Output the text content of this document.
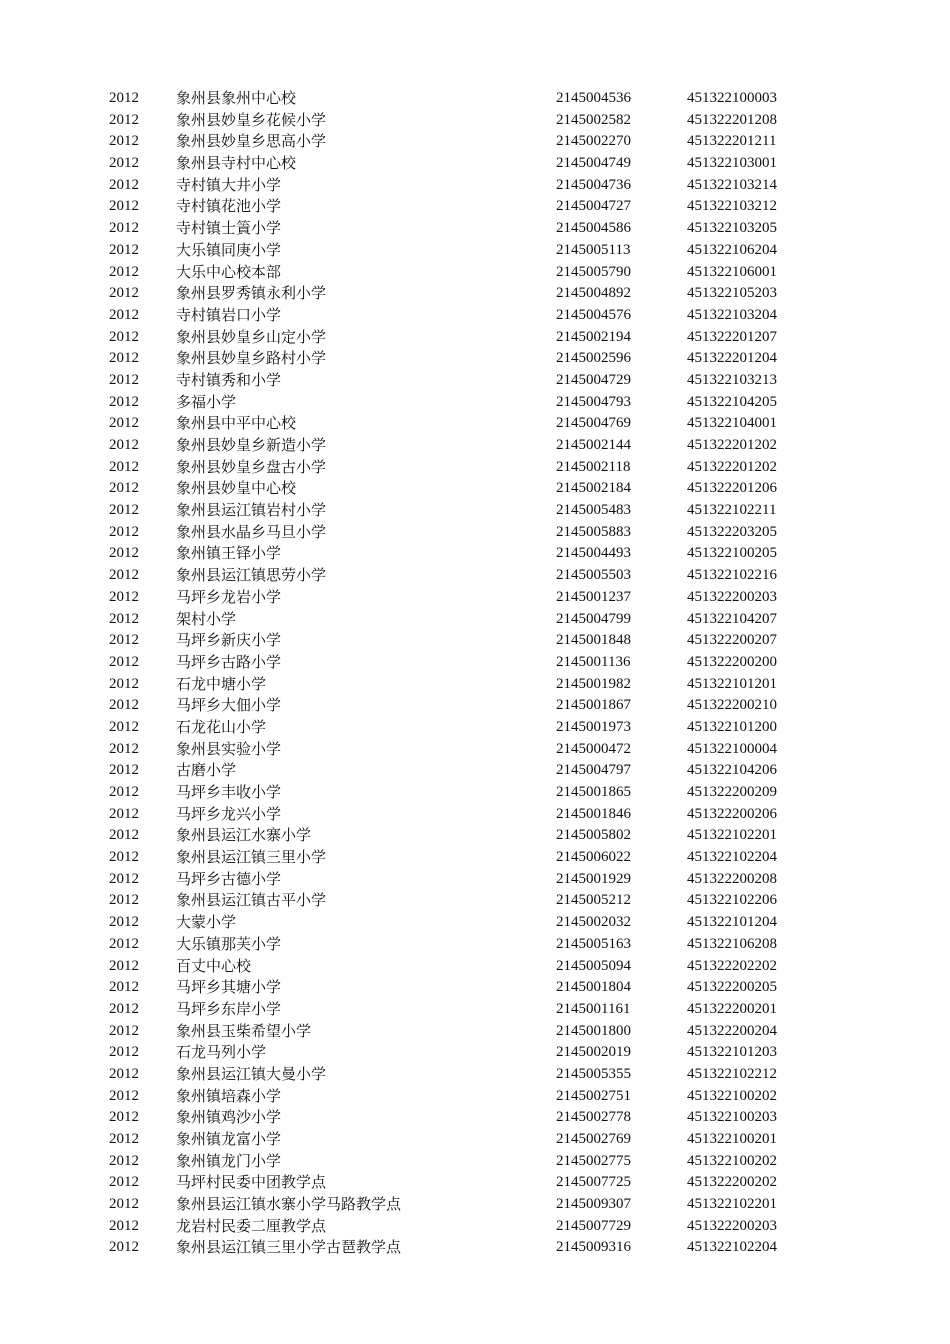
2012 象州县象州中心校	2145004536	451322100003
2012 象州县妙皇乡花候小学	2145002582	451322201208
2012 象州县妙皇乡思高小学	2145002270	451322201211
2012 象州县寺村中心校	2145004749	451322103001
2012 寺村镇大井小学	2145004736	451322103214
2012 寺村镇花池小学	2145004727	451322103212
2012 寺村镇士篢小学	2145004586	451322103205
2012 大乐镇同庚小学	2145005113	451322106204
2012 大乐中心校本部	2145005790	451322106001
2012 象州县罗秀镇永利小学	2145004892	451322105203
2012 寺村镇岩口小学	2145004576	451322103204
2012 象州县妙皇乡山定小学	2145002194	451322201207
2012 象州县妙皇乡路村小学	2145002596	451322201204
2012 寺村镇秀和小学	2145004729	451322103213
2012 多福小学	2145004793	451322104205
2012 象州县中平中心校	2145004769	451322104001
2012 象州县妙皇乡新造小学	2145002144	451322201202
2012 象州县妙皇乡盘古小学	2145002118	451322201202
2012 象州县妙皇中心校	2145002184	451322201206
2012 象州县运江镇岩村小学	2145005483	451322102211
2012 象州县水晶乡马旦小学	2145005883	451322203205
2012 象州镇王铎小学	2145004493	451322100205
2012 象州县运江镇思劳小学	2145005503	451322102216
2012 马坪乡龙岩小学	2145001237	451322200203
2012 架村小学	2145004799	451322104207
2012 马坪乡新庆小学	2145001848	451322200207
2012 马坪乡古路小学	2145001136	451322200200
2012 石龙中塘小学	2145001982	451322101201
2012 马坪乡大佃小学	2145001867	451322200210
2012 石龙花山小学	2145001973	451322101200
2012 象州县实验小学	2145000472	451322100004
2012 古磨小学	2145004797	451322104206
2012 马坪乡丰收小学	2145001865	451322200209
2012 马坪乡龙兴小学	2145001846	451322200206
2012 象州县运江水寨小学	2145005802	451322102201
2012 象州县运江镇三里小学	2145006022	451322102204
2012 马坪乡古德小学	2145001929	451322200208
2012 象州县运江镇古平小学	2145005212	451322102206
2012 大蒙小学	2145002032	451322101204
2012 大乐镇那芙小学	2145005163	451322106208
2012 百丈中心校	2145005094	451322202202
2012 马坪乡其塘小学	2145001804	451322200205
2012 马坪乡东岸小学	2145001161	451322200201
2012 象州县玉柴希望小学	2145001800	451322200204
2012 石龙马列小学	2145002019	451322101203
2012 象州县运江镇大曼小学	2145005355	451322102212
2012 象州镇培森小学	2145002751	451322100202
2012 象州镇鸡沙小学	2145002778	451322100203
2012 象州镇龙富小学	2145002769	451322100201
2012 象州镇龙门小学	2145002775	451322100202
2012 马坪村民委中团教学点	2145007725	451322200202
2012 象州县运江镇水寨小学马路教学点	2145009307	451322102201
2012 龙岩村民委二厘教学点	2145007729	451322200203
2012 象州县运江镇三里小学古琶教学点	2145009316	451322102204
